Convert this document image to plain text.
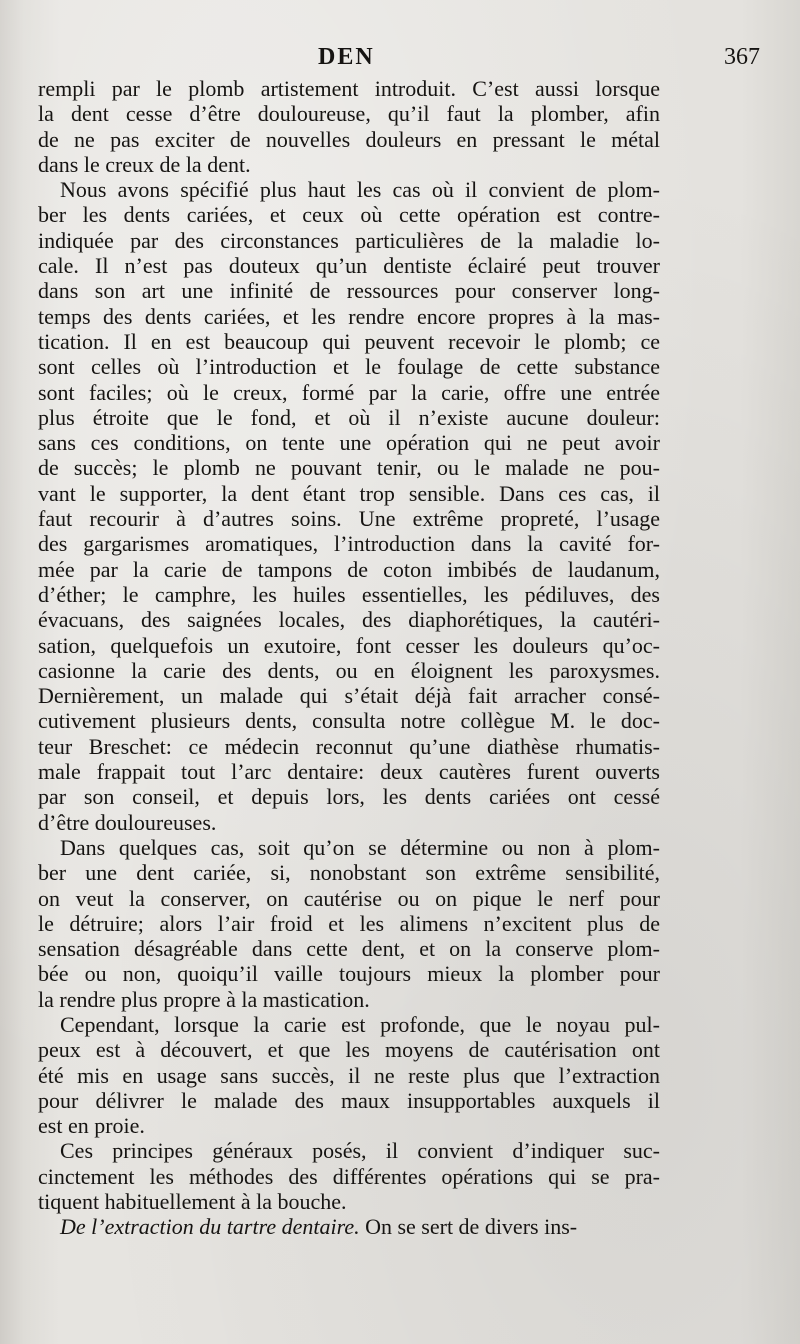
DEN	367
rempli par le plomb artistement introduit. C’est aussi lorsque
la dent cesse d’être douloureuse, qu’il faut la plomber, afin
de ne pas exciter de nouvelles douleurs en pressant le métal
dans le creux de la dent.
Nous avons spécifié plus haut les cas où il convient de plom-
ber les dents cariées, et ceux où cette opération est contre-
indiquée par des circonstances particulières de la maladie lo-
cale. Il n’est pas douteux qu’un dentiste éclairé peut trouver
dans son art une infinité de ressources pour conserver long-
temps des dents cariées, et les rendre encore propres à la mas-
tication. Il en est beaucoup qui peuvent recevoir le plomb; ce
sont celles où l’introduction et le foulage de cette substance
sont faciles; où le creux, formé par la carie, offre une entrée
plus étroite que le fond, et où il n’existe aucune douleur:
sans ces conditions, on tente une opération qui ne peut avoir
de succès; le plomb ne pouvant tenir, ou le malade ne pou-
vant le supporter, la dent étant trop sensible. Dans ces cas, il
faut recourir à d’autres soins. Une extrême propreté, l’usage
des gargarismes aromatiques, l’introduction dans la cavité for-
mée par la carie de tampons de coton imbibés de laudanum,
d’éther; le camphre, les huiles essentielles, les pédiluves, des
évacuans, des saignées locales, des diaphorétiques, la cautéri-
sation, quelquefois un exutoire, font cesser les douleurs qu’oc-
casionne la carie des dents, ou en éloignent les paroxysmes.
Dernièrement, un malade qui s’était déjà fait arracher consé-
cutivement plusieurs dents, consulta notre collègue M. le doc-
teur Breschet: ce médecin reconnut qu’une diathèse rhumatis-
male frappait tout l’arc dentaire: deux cautères furent ouverts
par son conseil, et depuis lors, les dents cariées ont cessé
d’être douloureuses.
Dans quelques cas, soit qu’on se détermine ou non à plom-
ber une dent cariée, si, nonobstant son extrême sensibilité,
on veut la conserver, on cautérise ou on pique le nerf pour
le détruire; alors l’air froid et les alimens n’excitent plus de
sensation désagréable dans cette dent, et on la conserve plom-
bée ou non, quoiqu’il vaille toujours mieux la plomber pour
la rendre plus propre à la mastication.
Cependant, lorsque la carie est profonde, que le noyau pul-
peux est à découvert, et que les moyens de cautérisation ont
été mis en usage sans succès, il ne reste plus que l’extraction
pour délivrer le malade des maux insupportables auxquels il
est en proie.
Ces principes généraux posés, il convient d’indiquer suc-
cinctement les méthodes des différentes opérations qui se pra-
tiquent habituellement à la bouche.
De l’extraction du tartre dentaire. On se sert de divers ins-
